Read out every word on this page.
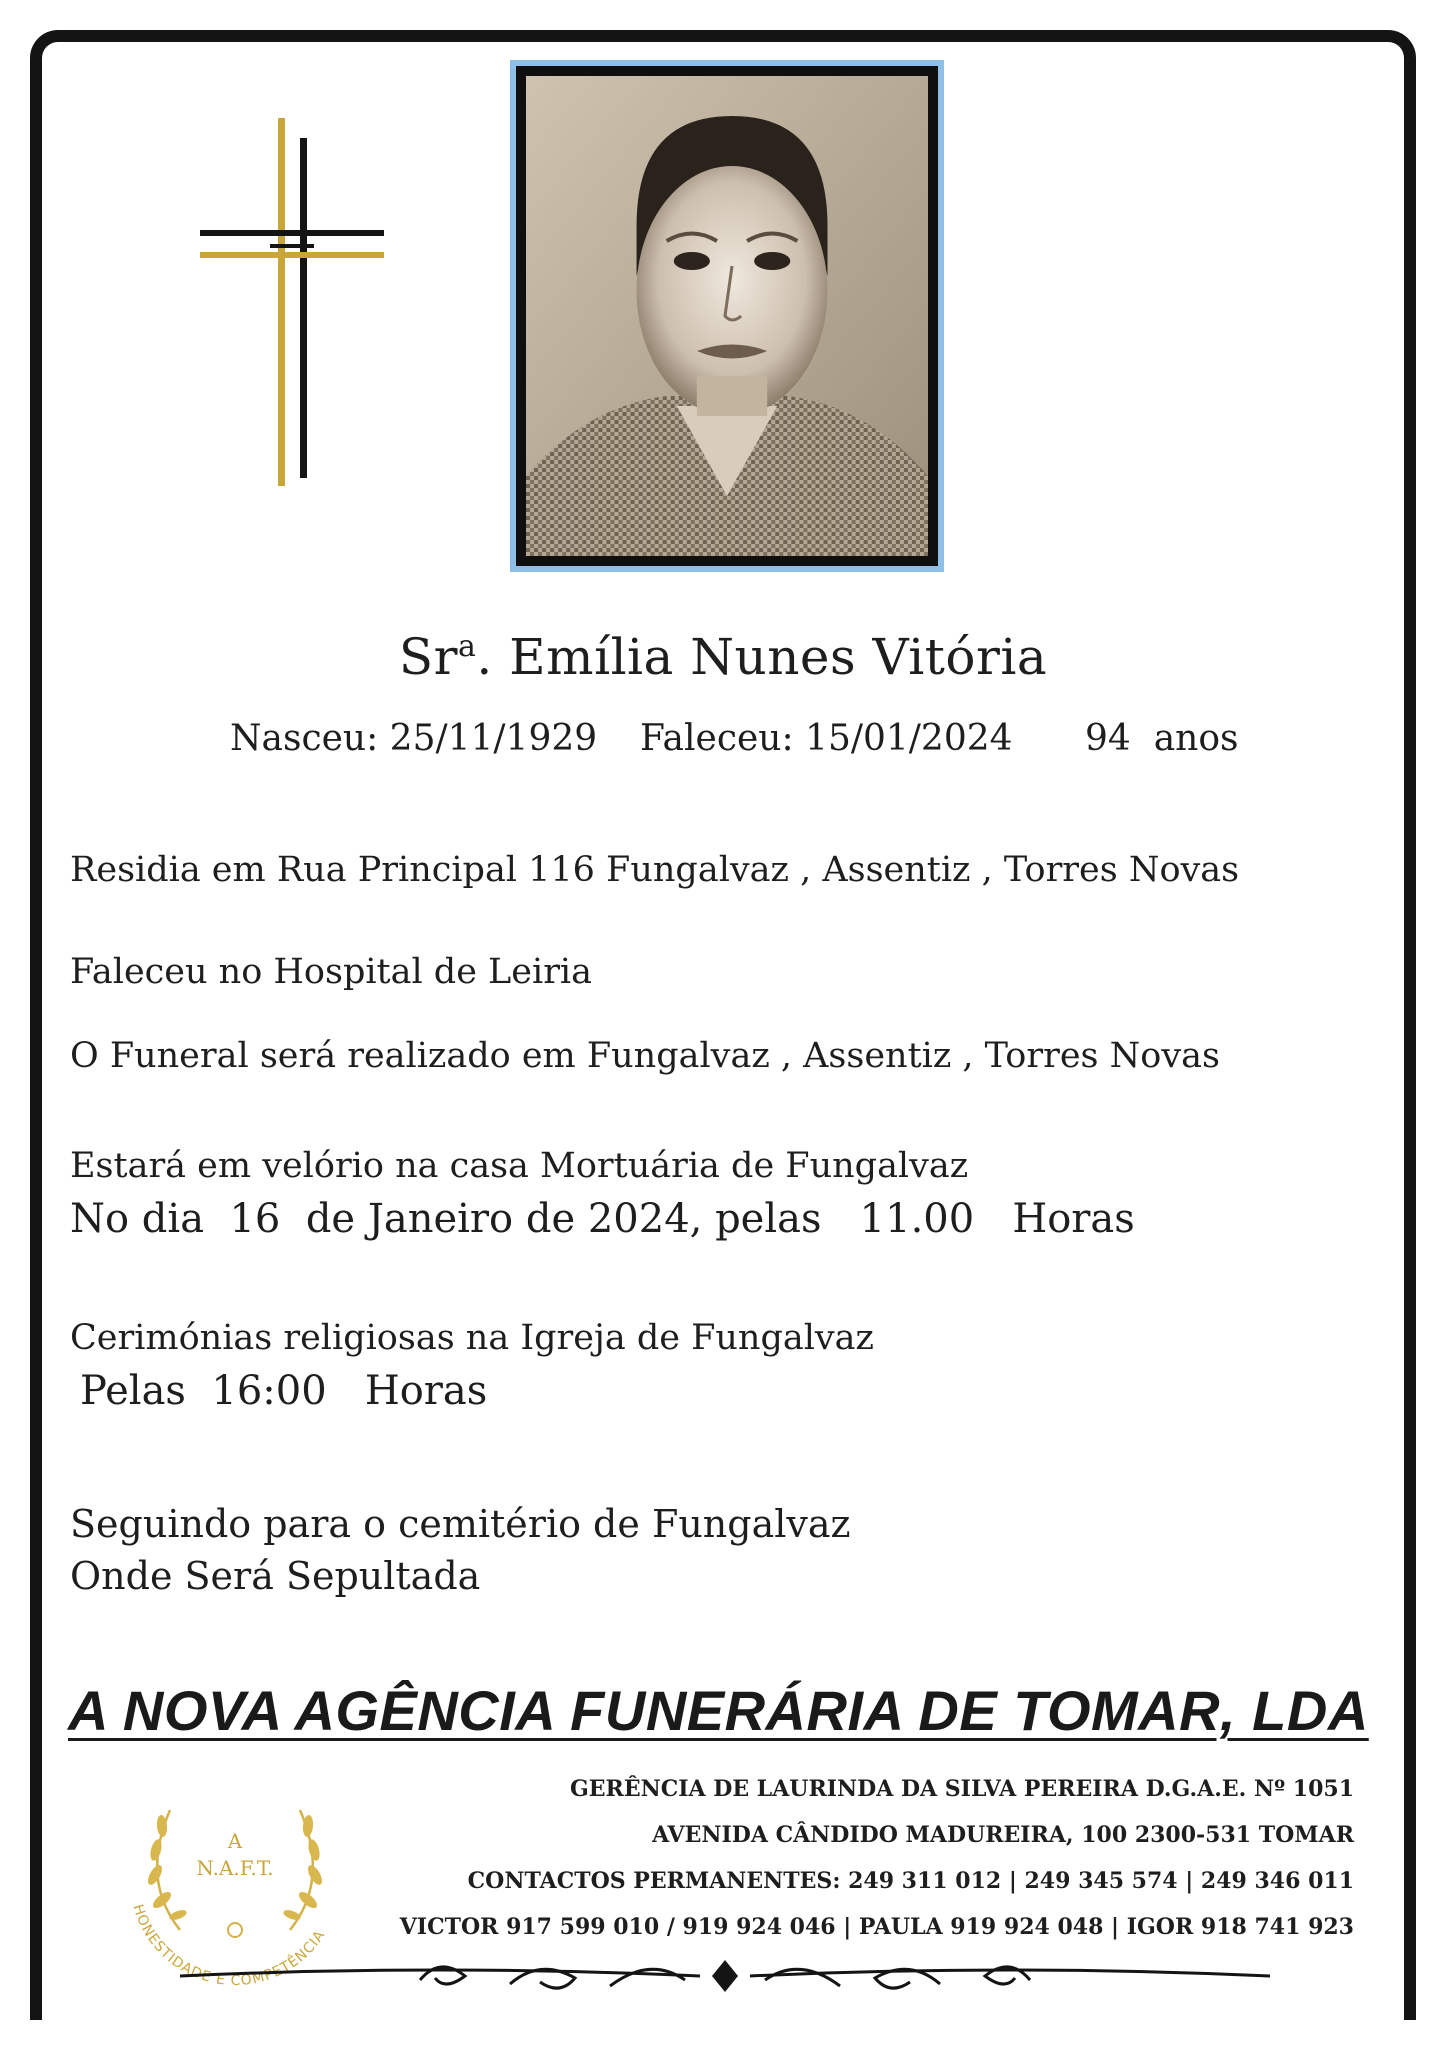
Sr$^a$. Emília Nunes Vitória
Nasceu: 25/11/1929 Faleceu: 15/01/2024 94 anos
Residia em Rua Principal 116 Fungalvaz , Assentiz , Torres Novas
Faleceu no Hospital de Leiria
O Funeral será realizado em Fungalvaz , Assentiz , Torres Novas
Estará em velório na casa Mortuária de Fungalvaz
No dia 16 de Janeiro de 2024, pelas 11.00 Horas
Cerimónias religiosas na Igreja de Fungalvaz
Pelas 16:00 Horas
Seguindo para o cemitério de Fungalvaz
Onde Será Sepultada
A NOVA AGÊNCIA FUNERÁRIA DE TOMAR, LDA
A
N.A.F.T.
HONESTIDADE E COMPETÊNCIA
GERÊNCIA DE LAURINDA DA SILVA PEREIRA D.G.A.E. Nº 1051
AVENIDA CÂNDIDO MADUREIRA, 100 2300-531 TOMAR
CONTACTOS PERMANENTES: 249 311 012 | 249 345 574 | 249 346 011
VICTOR 917 599 010 / 919 924 046 | PAULA 919 924 048 | IGOR 918 741 923
